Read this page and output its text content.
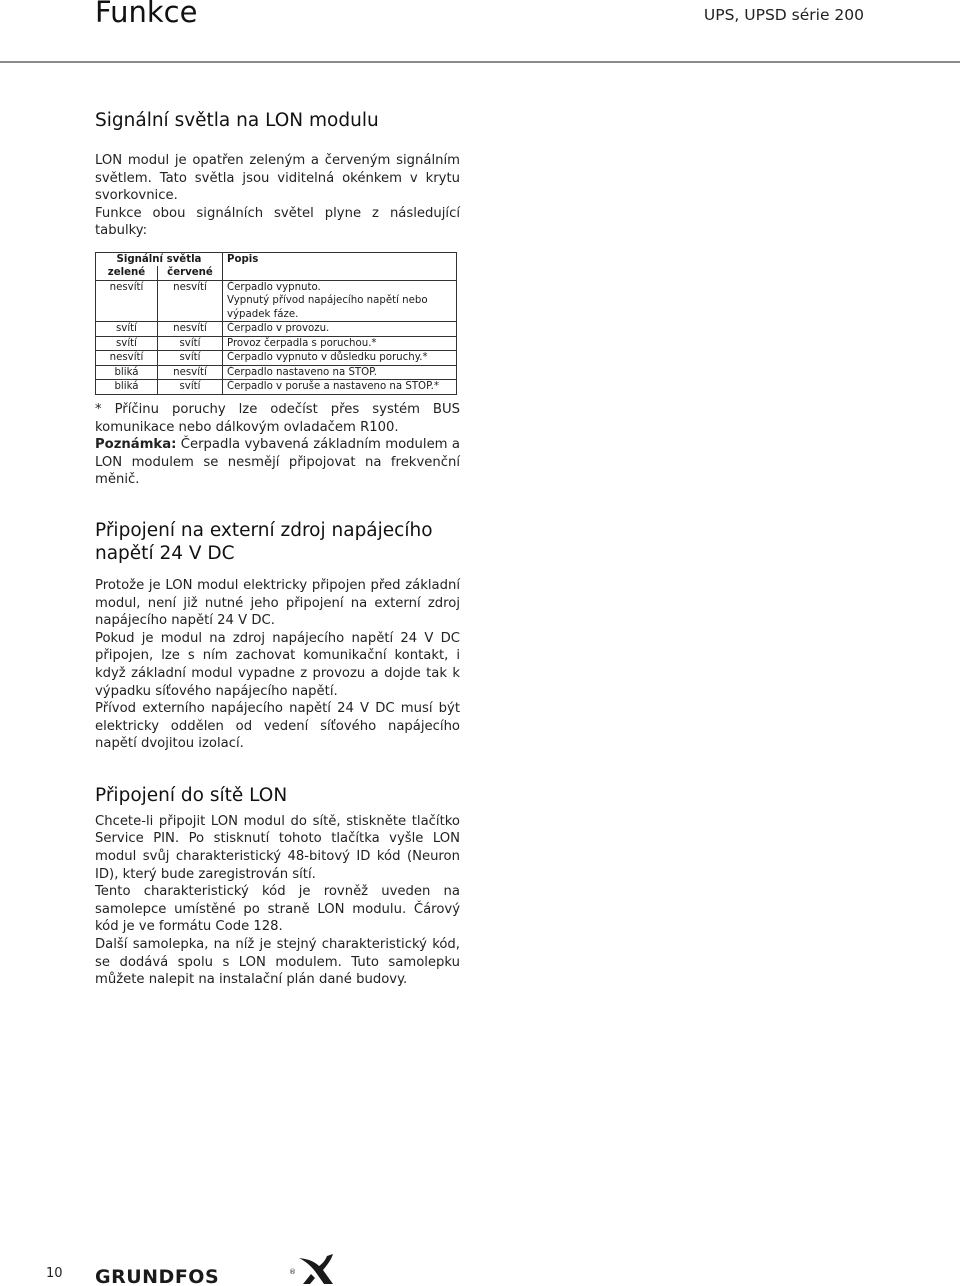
Funkce	UPS, UPSD série 200
Signální světla na LON modulu

LON modul je opatřen zeleným a červeným signálním světlem. Tato světla jsou viditelná okénkem v krytu svorkovnice.

Funkce obou signálních světel plyne z následující tabulky:

Signální světla		Popis
zelené	červené	
nesvítí	nesvítí	Čerpadlo vypnuto.
Vypnutý přívod napájecího napětí nebo výpadek fáze.
svítí	nesvítí	Čerpadlo v provozu.
svítí	svítí	Provoz čerpadla s poruchou.*
nesvítí	svítí	Čerpadlo vypnuto v důsledku poruchy.*
bliká	nesvítí	Čerpadlo nastaveno na STOP.
bliká	svítí	Čerpadlo v poruše a nastaveno na STOP.*

* Příčinu poruchy lze odečíst přes systém BUS komunikace nebo dálkovým ovladačem R100.

Poznámka: Čerpadla vybavená základním modulem a LON modulem se nesmějí připojovat na frekvenční měnič.

Připojení na externí zdroj napájecího napětí 24 V DC

Protože je LON modul elektricky připojen před základní modul, není již nutné jeho připojení na externí zdroj napájecího napětí 24 V DC.

Pokud je modul na zdroj napájecího napětí 24 V DC připojen, lze s ním zachovat komunikační kontakt, i když základní modul vypadne z provozu a dojde tak k výpadku síťového napájecího napětí.

Přívod externího napájecího napětí 24 V DC musí být elektricky oddělen od vedení síťového napájecího napětí dvojitou izolací.

Připojení do sítě LON

Chcete-li připojit LON modul do sítě, stiskněte tlačítko Service PIN. Po stisknutí tohoto tlačítka vyšle LON modul svůj charakteristický 48-bitový ID kód (Neuron ID), který bude zaregistrován sítí.

Tento charakteristický kód je rovněž uveden na samolepce umístěné po straně LON modulu. Čárový kód je ve formátu Code 128.

Další samolepka, na níž je stejný charakteristický kód, se dodává spolu s LON modulem. Tuto samolepku můžete nalepit na instalační plán dané budovy.

10 GRUNDFOS	®
